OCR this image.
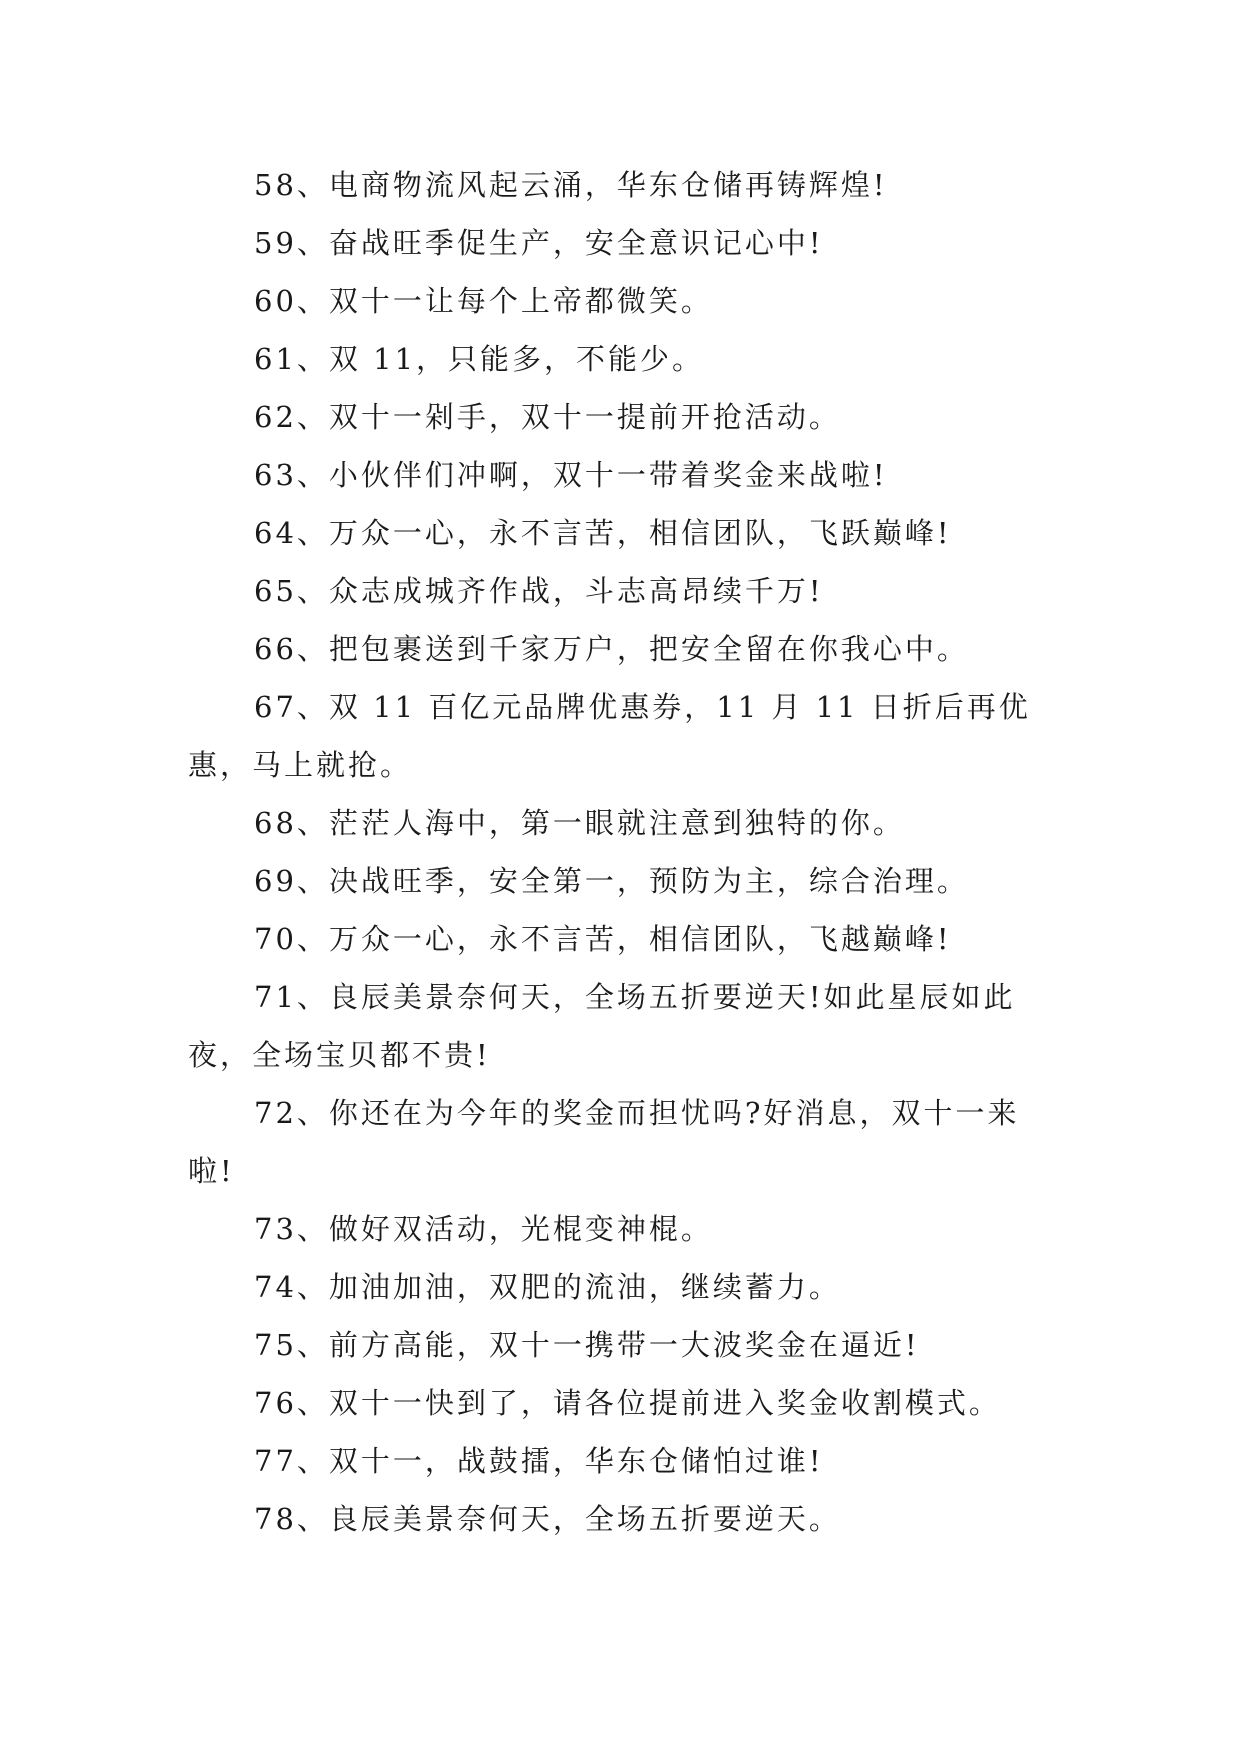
58、电商物流风起云涌，华东仓储再铸辉煌!

59、奋战旺季促生产，安全意识记心中!

60、双十一让每个上帝都微笑。

61、双 11，只能多，不能少。

62、双十一剁手，双十一提前开抢活动。

63、小伙伴们冲啊，双十一带着奖金来战啦!

64、万众一心，永不言苦，相信团队，飞跃巅峰!

65、众志成城齐作战，斗志高昂续千万!

66、把包裹送到千家万户，把安全留在你我心中。

67、双 11 百亿元品牌优惠券，11 月 11 日折后再优惠，马上就抢。

68、茫茫人海中，第一眼就注意到独特的你。

69、决战旺季，安全第一，预防为主，综合治理。

70、万众一心，永不言苦，相信团队，飞越巅峰!

71、良辰美景奈何天，全场五折要逆天!如此星辰如此夜，全场宝贝都不贵!

72、你还在为今年的奖金而担忧吗?好消息，双十一来啦!

73、做好双活动，光棍变神棍。

74、加油加油，双肥的流油，继续蓄力。

75、前方高能，双十一携带一大波奖金在逼近!

76、双十一快到了，请各位提前进入奖金收割模式。

77、双十一，战鼓擂，华东仓储怕过谁!

78、良辰美景奈何天，全场五折要逆天。
